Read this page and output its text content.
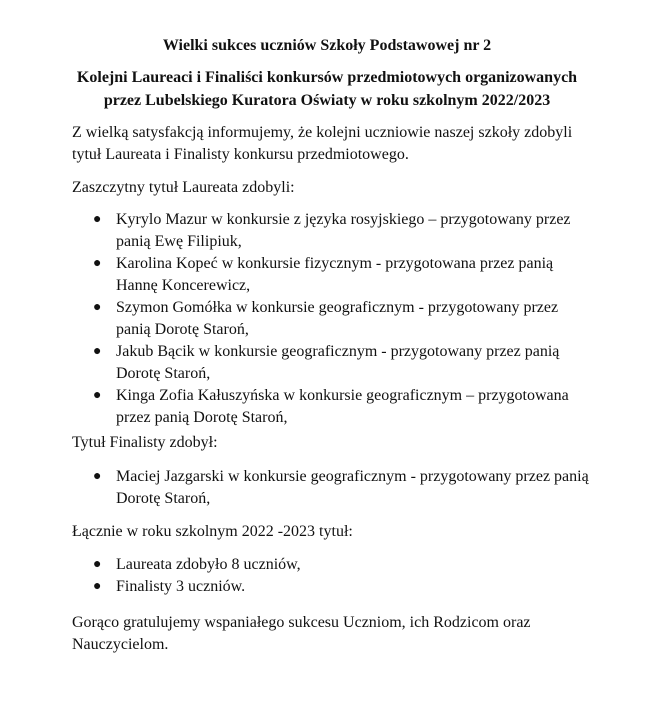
Wielki sukces uczniów Szkoły Podstawowej nr 2
Kolejni Laureaci i Finaliści konkursów przedmiotowych organizowanych
przez Lubelskiego Kuratora Oświaty w roku szkolnym 2022/2023
Z wielką satysfakcją informujemy, że kolejni uczniowie naszej szkoły zdobyli
tytuł Laureata i Finalisty konkursu przedmiotowego.
Zaszczytny tytuł Laureata zdobyli:
● Kyrylo Mazur w konkursie z języka rosyjskiego – przygotowany przez
panią Ewę Filipiuk,
● Karolina Kopeć w konkursie fizycznym - przygotowana przez panią
Hannę Koncerewicz,
● Szymon Gomółka w konkursie geograficznym - przygotowany przez
panią Dorotę Staroń,
● Jakub Bącik w konkursie geograficznym - przygotowany przez panią
Dorotę Staroń,
● Kinga Zofia Kałuszyńska w konkursie geograficznym – przygotowana
przez panią Dorotę Staroń,
Tytuł Finalisty zdobył:
● Maciej Jazgarski w konkursie geograficznym - przygotowany przez panią
Dorotę Staroń,
Łącznie w roku szkolnym 2022 -2023 tytuł:
● Laureata zdobyło 8 uczniów,
● Finalisty 3 uczniów.
Gorąco gratulujemy wspaniałego sukcesu Uczniom, ich Rodzicom oraz
Nauczycielom.
